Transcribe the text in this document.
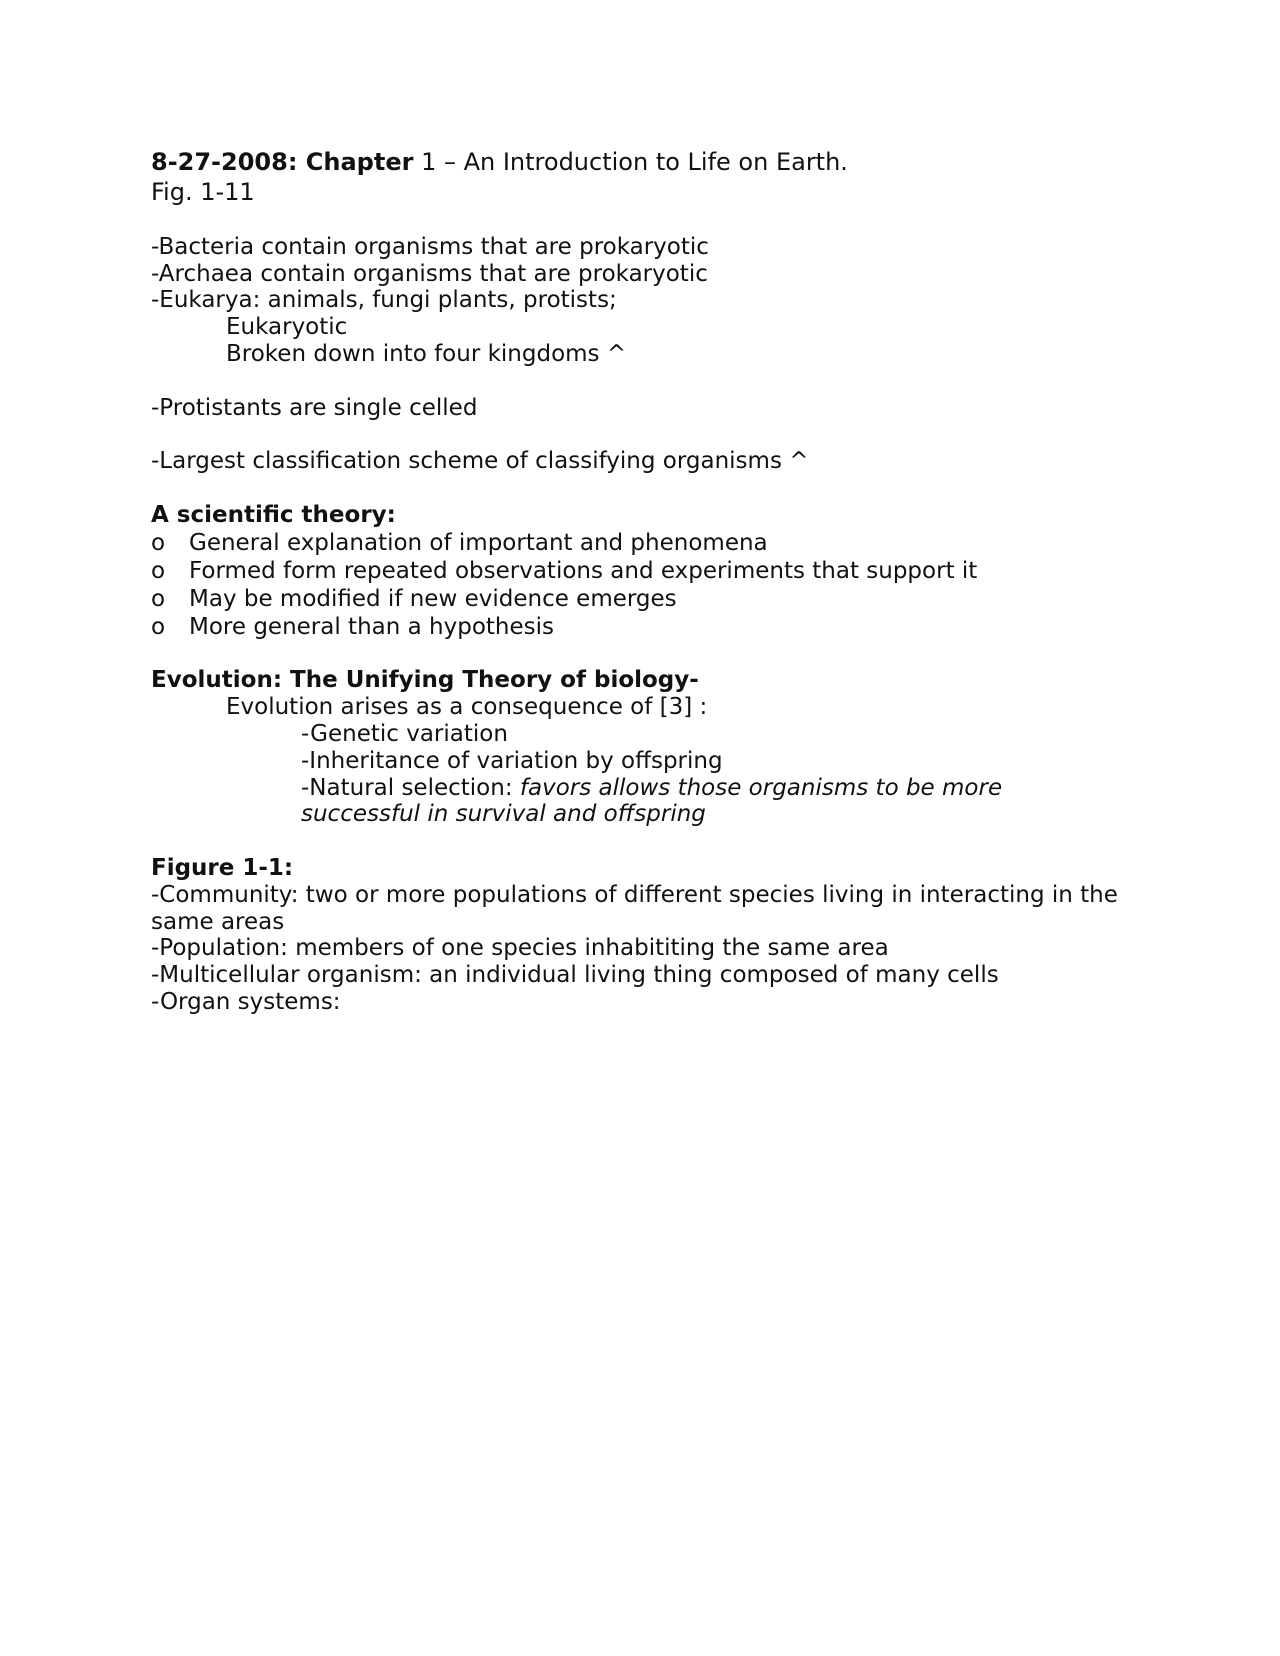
8-27-2008: Chapter 1 – An Introduction to Life on Earth.

Fig. 1-11

-Bacteria contain organisms that are prokaryotic

-Archaea contain organisms that are prokaryotic

-Eukarya: animals, fungi plants, protists;

Eukaryotic

Broken down into four kingdoms ^

-Protistants are single celled

-Largest classification scheme of classifying organisms ^

A scientific theory:

o General explanation of important and phenomena
o Formed form repeated observations and experiments that support it
o May be modified if new evidence emerges
o More general than a hypothesis

Evolution: The Unifying Theory of biology-

Evolution arises as a consequence of [3] :

-Genetic variation

-Inheritance of variation by offspring

-Natural selection: favors allows those organisms to be more

successful in survival and offspring

Figure 1-1:

-Community: two or more populations of different species living in interacting in the

same areas

-Population: members of one species inhabititing the same area

-Multicellular organism: an individual living thing composed of many cells

-Organ systems:
